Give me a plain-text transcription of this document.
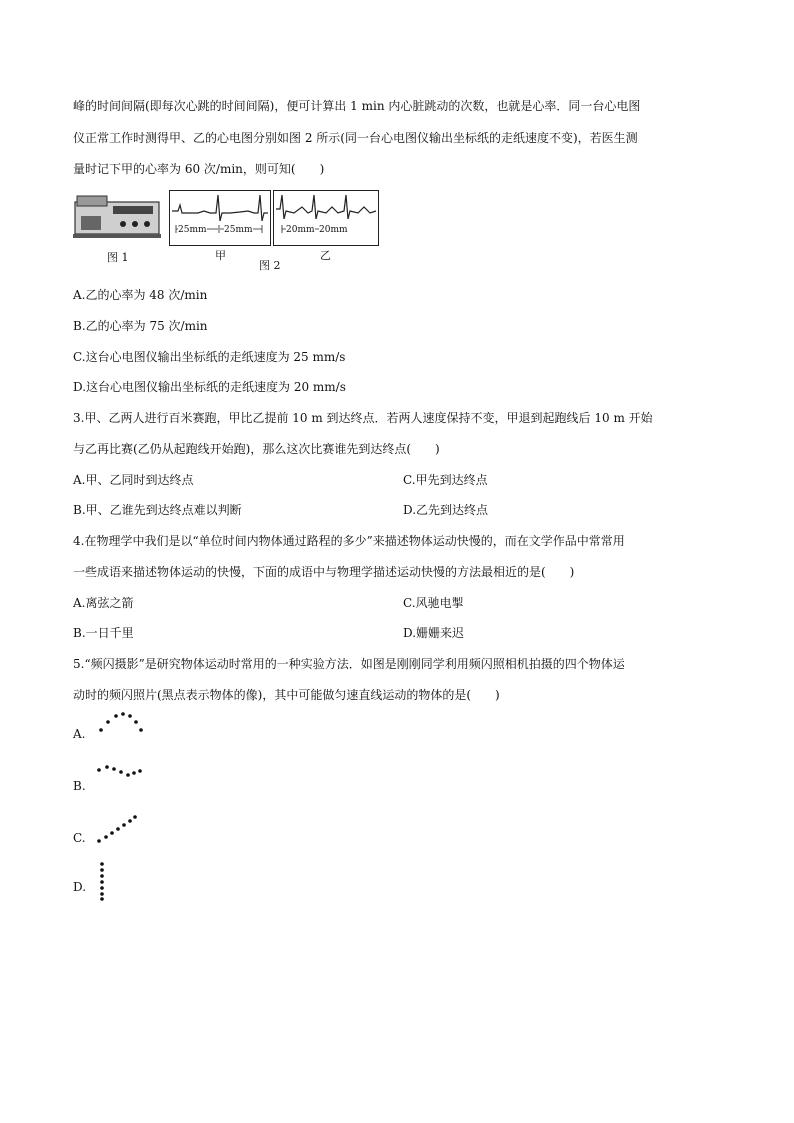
峰的时间间隔(即每次心跳的时间间隔)，便可计算出 1 min 内心脏跳动的次数，也就是心率．同一台心电图
仪正常工作时测得甲、乙的心电图分别如图 2 所示(同一台心电图仪输出坐标纸的走纸速度不变)，若医生测
量时记下甲的心率为 60 次/min，则可知(　　)
25mm 25mm	20mm 20mm
图 1	甲
图 2
乙
A.乙的心率为 48 次/min
B.乙的心率为 75 次/min
C.这台心电图仪输出坐标纸的走纸速度为 25 mm/s
D.这台心电图仪输出坐标纸的走纸速度为 20 mm/s
3.甲、乙两人进行百米赛跑，甲比乙提前 10 m 到达终点．若两人速度保持不变，甲退到起跑线后 10 m 开始
与乙再比赛(乙仍从起跑线开始跑)，那么这次比赛谁先到达终点(　　)
A.甲、乙同时到达终点	C.甲先到达终点
B.甲、乙谁先到达终点难以判断	D.乙先到达终点
4.在物理学中我们是以“单位时间内物体通过路程的多少”来描述物体运动快慢的，而在文学作品中常常用
一些成语来描述物体运动的快慢，下面的成语中与物理学描述运动快慢的方法最相近的是(　　)
A.离弦之箭	C.风驰电掣
B.一日千里	D.姗姗来迟
5.“频闪摄影”是研究物体运动时常用的一种实验方法．如图是刚刚同学利用频闪照相机拍摄的四个物体运
动时的频闪照片(黑点表示物体的像)，其中可能做匀速直线运动的物体的是(　　)
A.
B.
C.
D.
